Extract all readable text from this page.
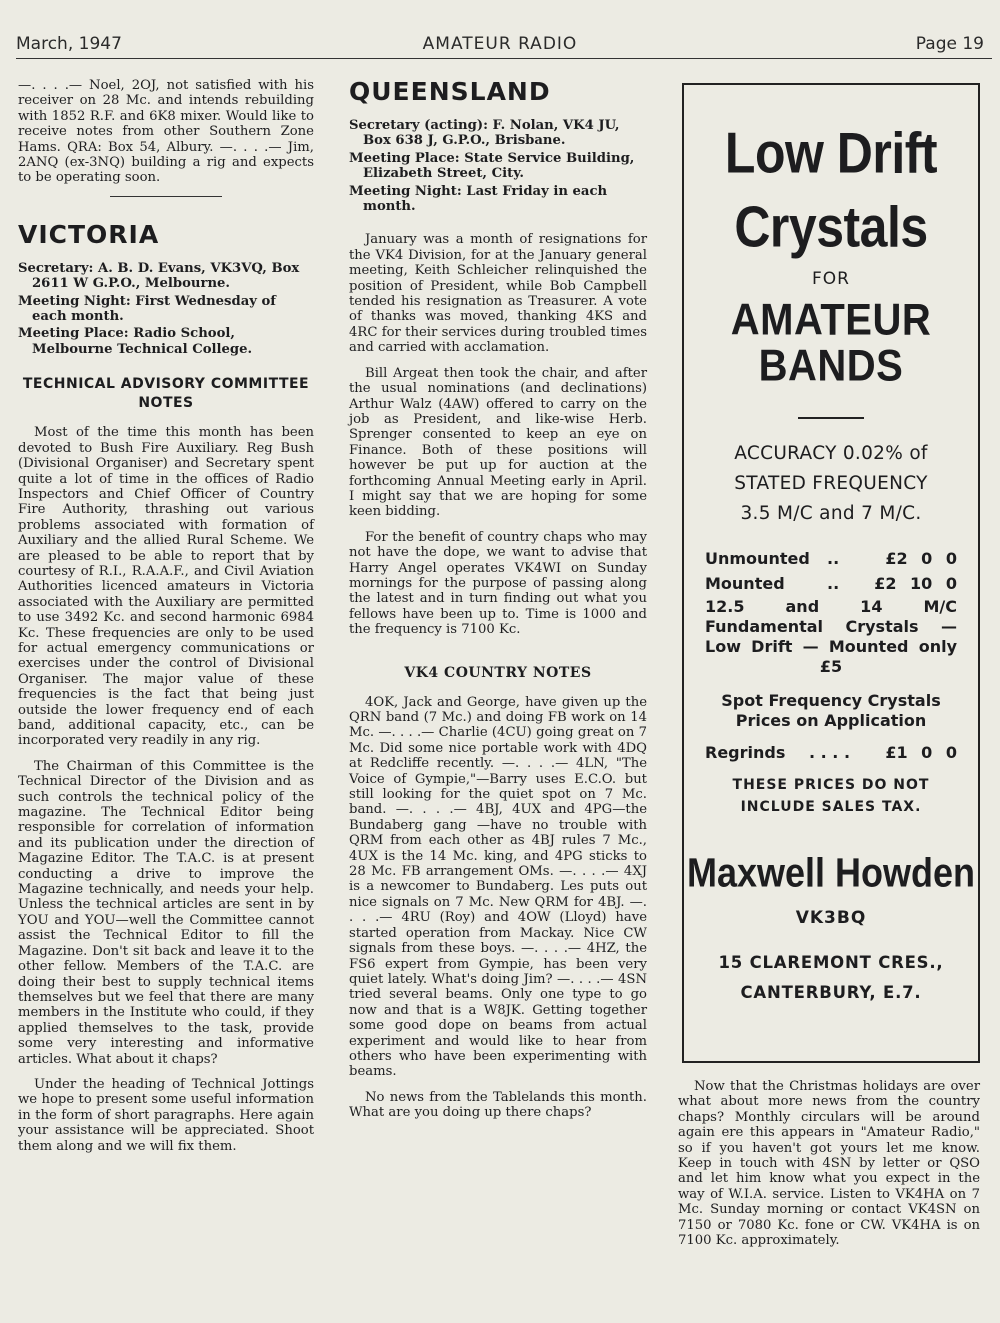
March, 1947	AMATEUR RADIO	Page 19

—. . . .— Noel, 2OJ, not satisfied with his receiver on 28 Mc. and intends rebuilding with 1852 R.F. and 6K8 mixer. Would like to receive notes from other Southern Zone Hams. QRA: Box 54, Albury. —. . . .— Jim, 2ANQ (ex-3NQ) building a rig and expects to be operating soon.

VICTORIA
Secretary: A. B. D. Evans, VK3VQ, Box 2611 W G.P.O., Melbourne.
Meeting Night: First Wednesday of each month.
Meeting Place: Radio School, Melbourne Technical College.
TECHNICAL ADVISORY COMMITTEE NOTES

Most of the time this month has been devoted to Bush Fire Auxiliary. Reg Bush (Divisional Organiser) and Secretary spent quite a lot of time in the offices of Radio Inspectors and Chief Officer of Country Fire Authority, thrashing out various problems associated with formation of Auxiliary and the allied Rural Scheme. We are pleased to be able to report that by courtesy of R.I., R.A.A.F., and Civil Aviation Authorities licenced amateurs in Victoria associated with the Auxiliary are permitted to use 3492 Kc. and second harmonic 6984 Kc. These frequencies are only to be used for actual emergency communications or exercises under the control of Divisional Organiser. The major value of these frequencies is the fact that being just outside the lower frequency end of each band, additional capacity, etc., can be incorporated very readily in any rig.

The Chairman of this Committee is the Technical Director of the Division and as such controls the technical policy of the magazine. The Technical Editor being responsible for correlation of information and its publication under the direction of Magazine Editor. The T.A.C. is at present conducting a drive to improve the Magazine technically, and needs your help. Unless the technical articles are sent in by YOU and YOU—well the Committee cannot assist the Technical Editor to fill the Magazine. Don't sit back and leave it to the other fellow. Members of the T.A.C. are doing their best to supply technical items themselves but we feel that there are many members in the Institute who could, if they applied themselves to the task, provide some very interesting and informative articles. What about it chaps?

Under the heading of Technical Jottings we hope to present some useful information in the form of short paragraphs. Here again your assistance will be appreciated. Shoot them along and we will fix them.

QUEENSLAND
Secretary (acting): F. Nolan, VK4 JU, Box 638 J, G.P.O., Brisbane.
Meeting Place: State Service Building, Elizabeth Street, City.
Meeting Night: Last Friday in each month.

January was a month of resignations for the VK4 Division, for at the January general meeting, Keith Schleicher relinquished the position of President, while Bob Campbell tended his resignation as Treasurer. A vote of thanks was moved, thanking 4KS and 4RC for their services during troubled times and carried with acclamation.

Bill Argeat then took the chair, and after the usual nominations (and declinations) Arthur Walz (4AW) offered to carry on the job as President, and like-wise Herb. Sprenger consented to keep an eye on Finance. Both of these positions will however be put up for auction at the forthcoming Annual Meeting early in April. I might say that we are hoping for some keen bidding.

For the benefit of country chaps who may not have the dope, we want to advise that Harry Angel operates VK4WI on Sunday mornings for the purpose of passing along the latest and in turn finding out what you fellows have been up to. Time is 1000 and the frequency is 7100 Kc.

VK4 COUNTRY NOTES

4OK, Jack and George, have given up the QRN band (7 Mc.) and doing FB work on 14 Mc. —. . . .— Charlie (4CU) going great on 7 Mc. Did some nice portable work with 4DQ at Redcliffe recently. —. . . .— 4LN, "The Voice of Gympie,"—Barry uses E.C.O. but still looking for the quiet spot on 7 Mc. band. —. . . .— 4BJ, 4UX and 4PG—the Bundaberg gang —have no trouble with QRM from each other as 4BJ rules 7 Mc., 4UX is the 14 Mc. king, and 4PG sticks to 28 Mc. FB arrangement OMs. —. . . .— 4XJ is a newcomer to Bundaberg. Les puts out nice signals on 7 Mc. New QRM for 4BJ. —. . . .— 4RU (Roy) and 4OW (Lloyd) have started operation from Mackay. Nice CW signals from these boys. —. . . .— 4HZ, the FS6 expert from Gympie, has been very quiet lately. What's doing Jim? —. . . .— 4SN tried several beams. Only one type to go now and that is a W8JK. Getting together some good dope on beams from actual experiment and would like to hear from others who have been experimenting with beams.

No news from the Tablelands this month. What are you doing up there chaps?

Low Drift
Crystals
FOR
AMATEUR
BANDS
ACCURACY 0.02% of
STATED FREQUENCY
3.5 M/C and 7 M/C.
Unmounted ..	£2 0 0
Mounted	.. £2 10 0
12.5 and 14 M/C Fundamental Crystals — Low Drift — Mounted only £5
Spot Frequency Crystals
Prices on Application
Regrinds . . . . £1 0 0
THESE PRICES DO NOT
INCLUDE SALES TAX.
Maxwell Howden
VK3BQ
15 CLAREMONT CRES.,
CANTERBURY, E.7.

Now that the Christmas holidays are over what about more news from the country chaps? Monthly circulars will be around again ere this appears in "Amateur Radio," so if you haven't got yours let me know. Keep in touch with 4SN by letter or QSO and let him know what you expect in the way of W.I.A. service. Listen to VK4HA on 7 Mc. Sunday morning or contact VK4SN on 7150 or 7080 Kc. fone or CW. VK4HA is on 7100 Kc. approximately.
